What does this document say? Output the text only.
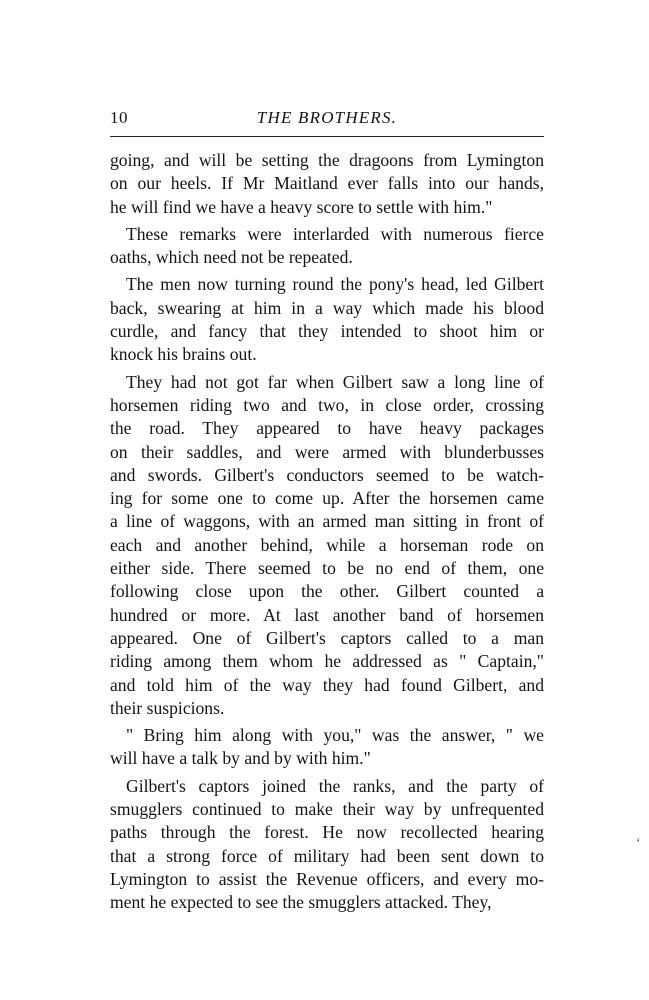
10	THE BROTHERS.
going, and will be setting the dragoons from Lymington
on our heels. If Mr Maitland ever falls into our hands,
he will find we have a heavy score to settle with him."
These remarks were interlarded with numerous fierce
oaths, which need not be repeated.
The men now turning round the pony's head, led Gilbert
back, swearing at him in a way which made his blood
curdle, and fancy that they intended to shoot him or
knock his brains out.
They had not got far when Gilbert saw a long line of
horsemen riding two and two, in close order, crossing
the road. They appeared to have heavy packages
on their saddles, and were armed with blunderbusses
and swords. Gilbert's conductors seemed to be watch-
ing for some one to come up. After the horsemen came
a line of waggons, with an armed man sitting in front of
each and another behind, while a horseman rode on
either side. There seemed to be no end of them, one
following close upon the other. Gilbert counted a
hundred or more. At last another band of horsemen
appeared. One of Gilbert's captors called to a man
riding among them whom he addressed as " Captain,"
and told him of the way they had found Gilbert, and
their suspicions.
" Bring him along with you," was the answer, " we
will have a talk by and by with him."
Gilbert's captors joined the ranks, and the party of
smugglers continued to make their way by unfrequented
paths through the forest. He now recollected hearing
that a strong force of military had been sent down to
Lymington to assist the Revenue officers, and every mo-
ment he expected to see the smugglers attacked. They,
‘
